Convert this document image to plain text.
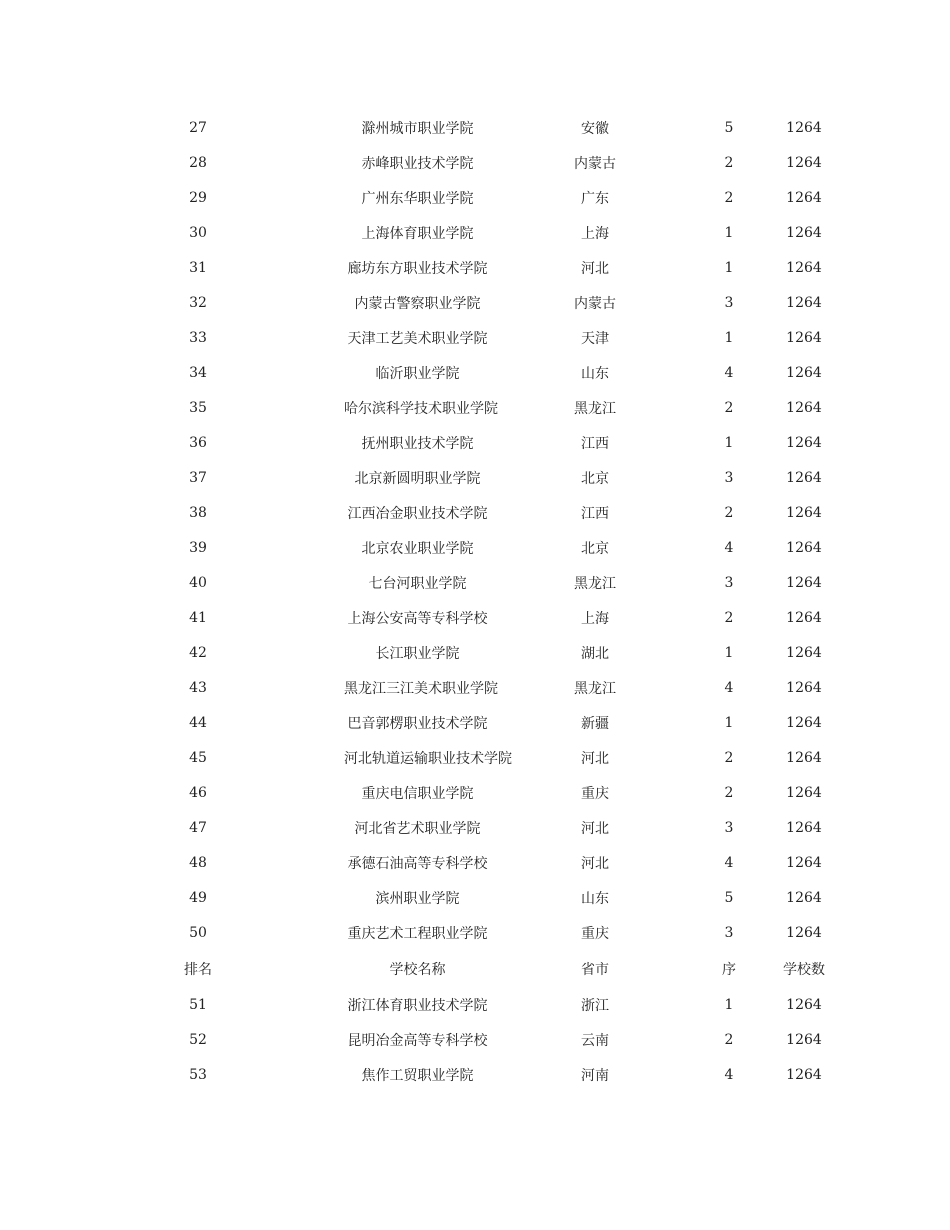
27	滁州城市职业学院	安徽	5	1264
28	赤峰职业技术学院	内蒙古	2	1264
29	广州东华职业学院	广东	2	1264
30	上海体育职业学院	上海	1	1264
31	廊坊东方职业技术学院	河北	1	1264
32	内蒙古警察职业学院	内蒙古	3	1264
33	天津工艺美术职业学院	天津	1	1264
34	临沂职业学院	山东	4	1264
35	哈尔滨科学技术职业学院	黑龙江	2	1264
36	抚州职业技术学院	江西	1	1264
37	北京新圆明职业学院	北京	3	1264
38	江西冶金职业技术学院	江西	2	1264
39	北京农业职业学院	北京	4	1264
40	七台河职业学院	黑龙江	3	1264
41	上海公安高等专科学校	上海	2	1264
42	长江职业学院	湖北	1	1264
43	黑龙江三江美术职业学院	黑龙江	4	1264
44	巴音郭楞职业技术学院	新疆	1	1264
45	河北轨道运输职业技术学院	河北	2	1264
46	重庆电信职业学院	重庆	2	1264
47	河北省艺术职业学院	河北	3	1264
48	承德石油高等专科学校	河北	4	1264
49	滨州职业学院	山东	5	1264
50	重庆艺术工程职业学院	重庆	3	1264
排名	学校名称	省市	序	学校数
51	浙江体育职业技术学院	浙江	1	1264
52	昆明冶金高等专科学校	云南	2	1264
53	焦作工贸职业学院	河南	4	1264
